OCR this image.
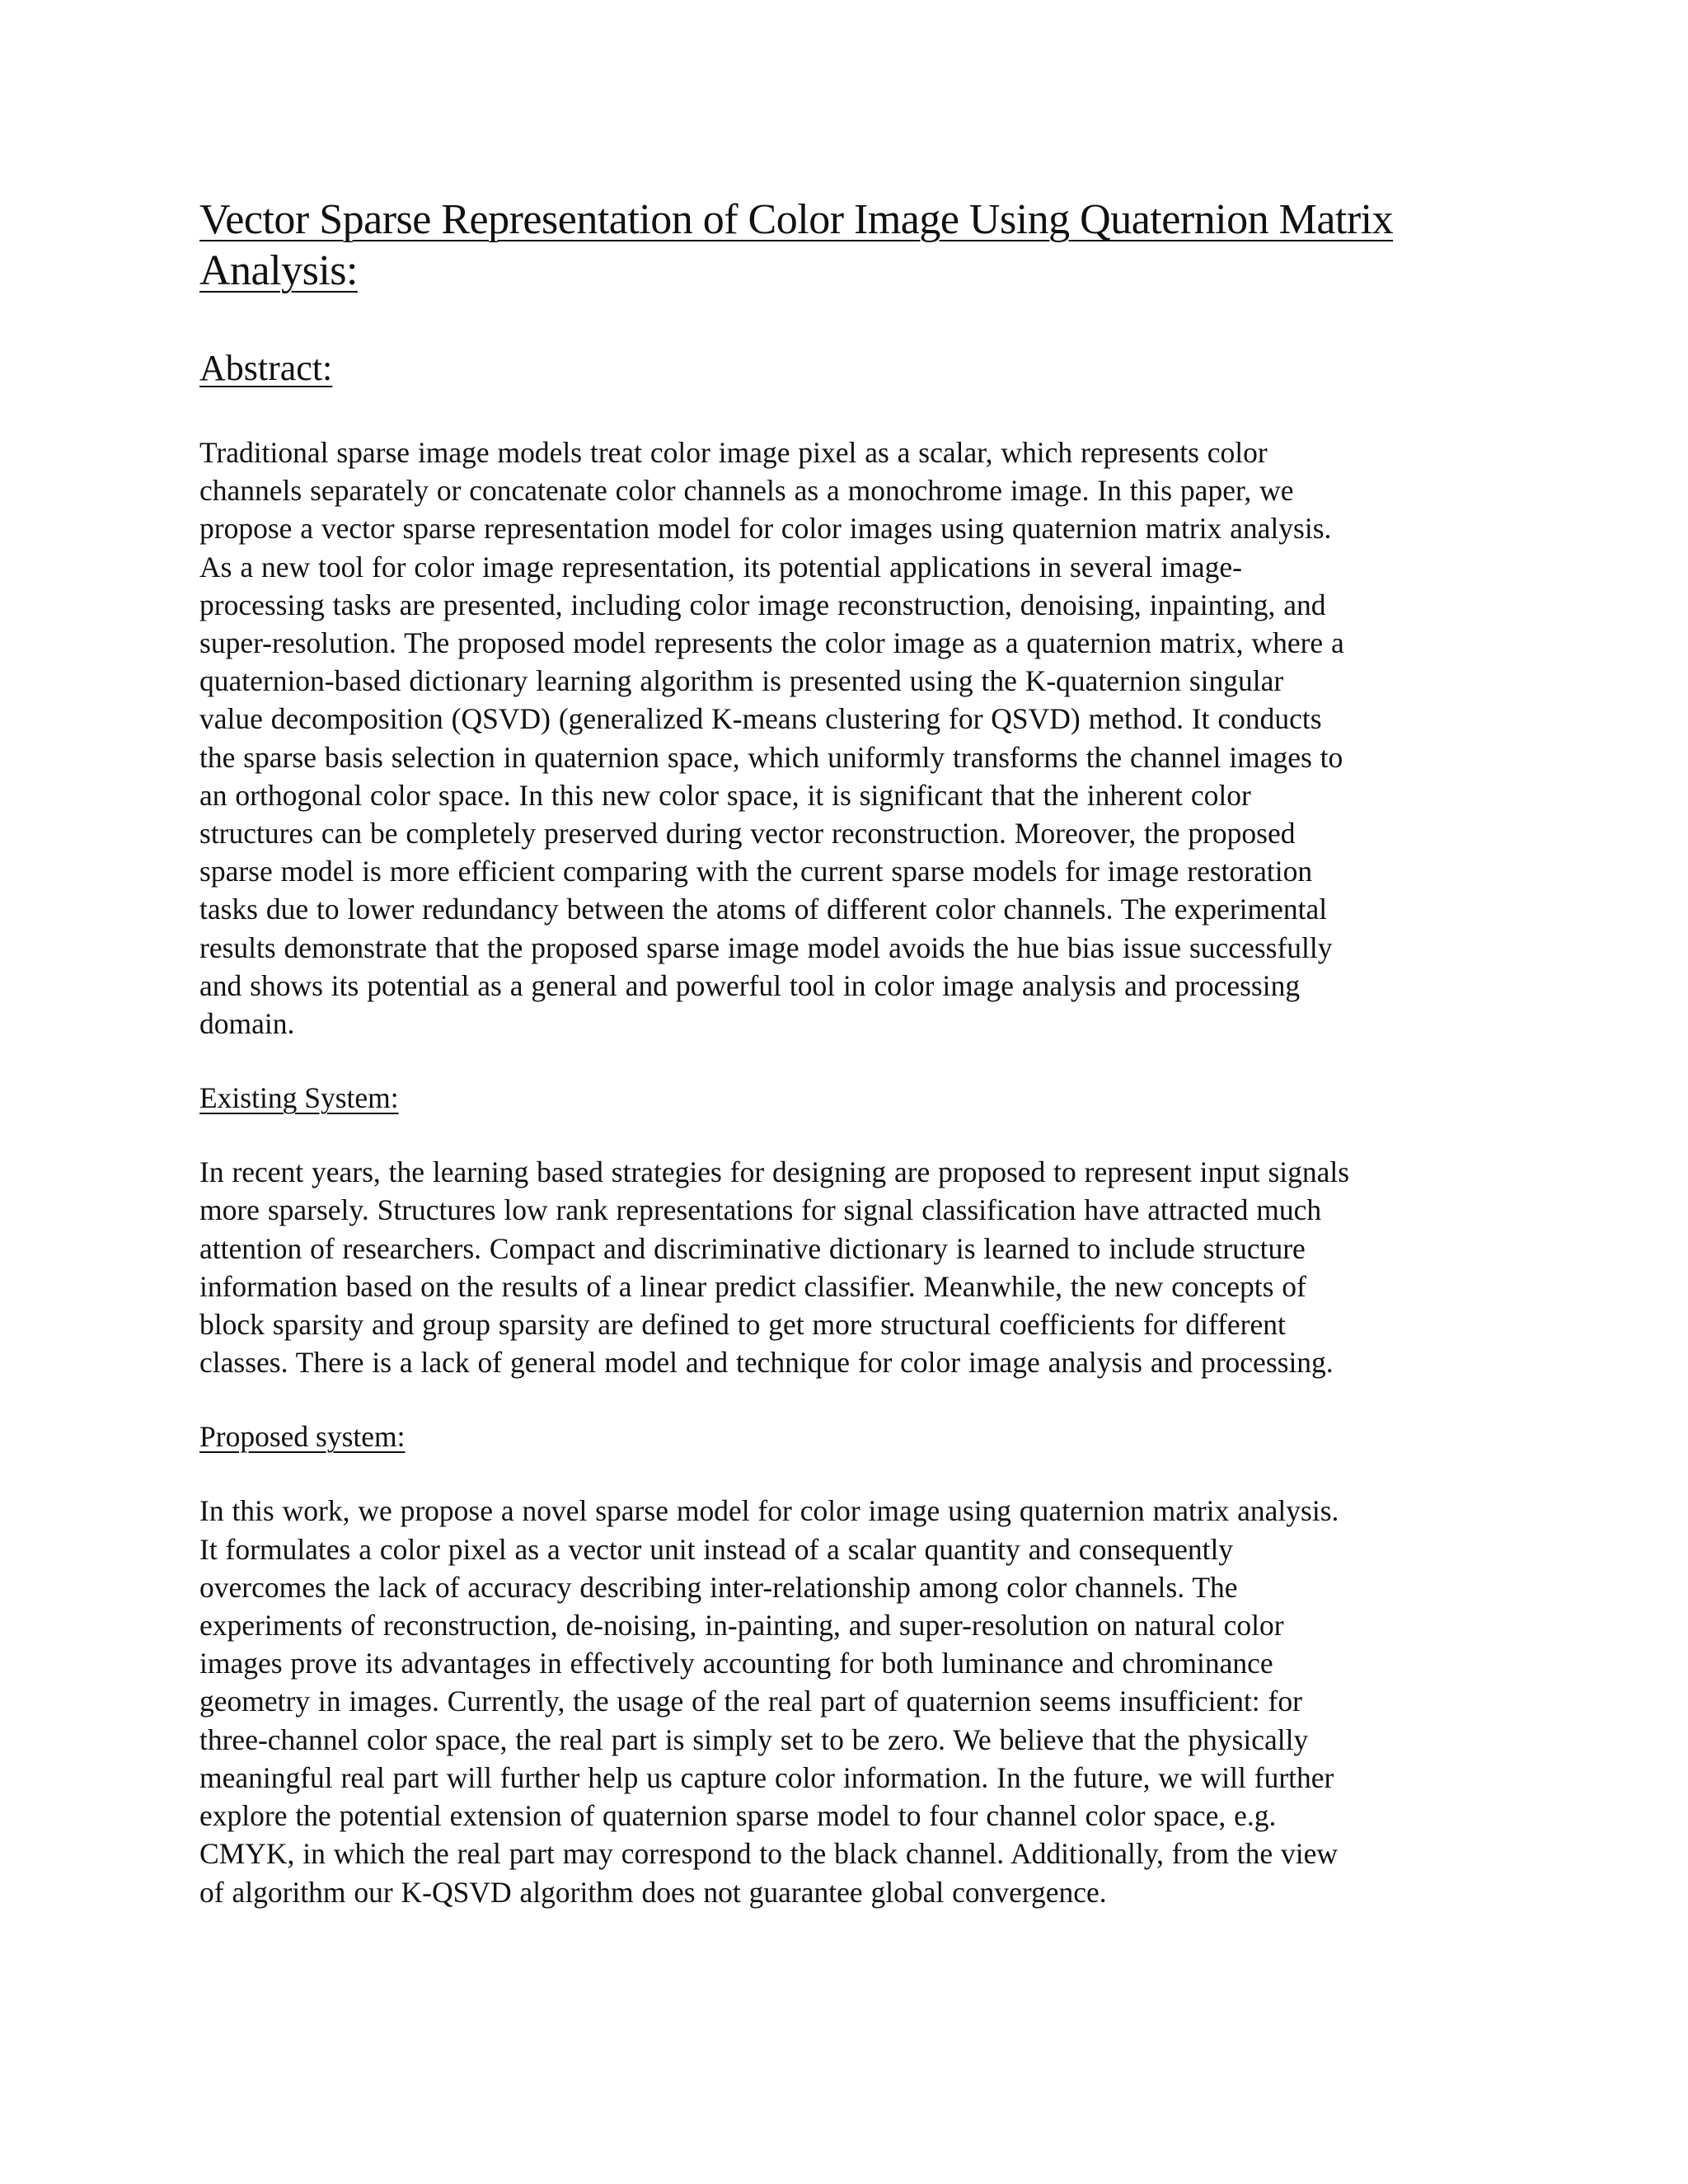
Vector Sparse Representation of Color Image Using Quaternion Matrix Analysis:
Abstract:
Traditional sparse image models treat color image pixel as a scalar, which represents color
channels separately or concatenate color channels as a monochrome image. In this paper, we
propose a vector sparse representation model for color images using quaternion matrix analysis.
As a new tool for color image representation, its potential applications in several image-
processing tasks are presented, including color image reconstruction, denoising, inpainting, and
super-resolution. The proposed model represents the color image as a quaternion matrix, where a
quaternion-based dictionary learning algorithm is presented using the K-quaternion singular
value decomposition (QSVD) (generalized K-means clustering for QSVD) method. It conducts
the sparse basis selection in quaternion space, which uniformly transforms the channel images to
an orthogonal color space. In this new color space, it is significant that the inherent color
structures can be completely preserved during vector reconstruction. Moreover, the proposed
sparse model is more efficient comparing with the current sparse models for image restoration
tasks due to lower redundancy between the atoms of different color channels. The experimental
results demonstrate that the proposed sparse image model avoids the hue bias issue successfully
and shows its potential as a general and powerful tool in color image analysis and processing
domain.
Existing System:
In recent years, the learning based strategies for designing are proposed to represent input signals
more sparsely. Structures low rank representations for signal classification have attracted much
attention of researchers. Compact and discriminative dictionary is learned to include structure
information based on the results of a linear predict classifier. Meanwhile, the new concepts of
block sparsity and group sparsity are defined to get more structural coefficients for different
classes. There is a lack of general model and technique for color image analysis and processing.
Proposed system:
In this work, we propose a novel sparse model for color image using quaternion matrix analysis.
It formulates a color pixel as a vector unit instead of a scalar quantity and consequently
overcomes the lack of accuracy describing inter-relationship among color channels. The
experiments of reconstruction, de-noising, in-painting, and super-resolution on natural color
images prove its advantages in effectively accounting for both luminance and chrominance
geometry in images. Currently, the usage of the real part of quaternion seems insufficient: for
three-channel color space, the real part is simply set to be zero. We believe that the physically
meaningful real part will further help us capture color information. In the future, we will further
explore the potential extension of quaternion sparse model to four channel color space, e.g.
CMYK, in which the real part may correspond to the black channel. Additionally, from the view
of algorithm our K-QSVD algorithm does not guarantee global convergence.
